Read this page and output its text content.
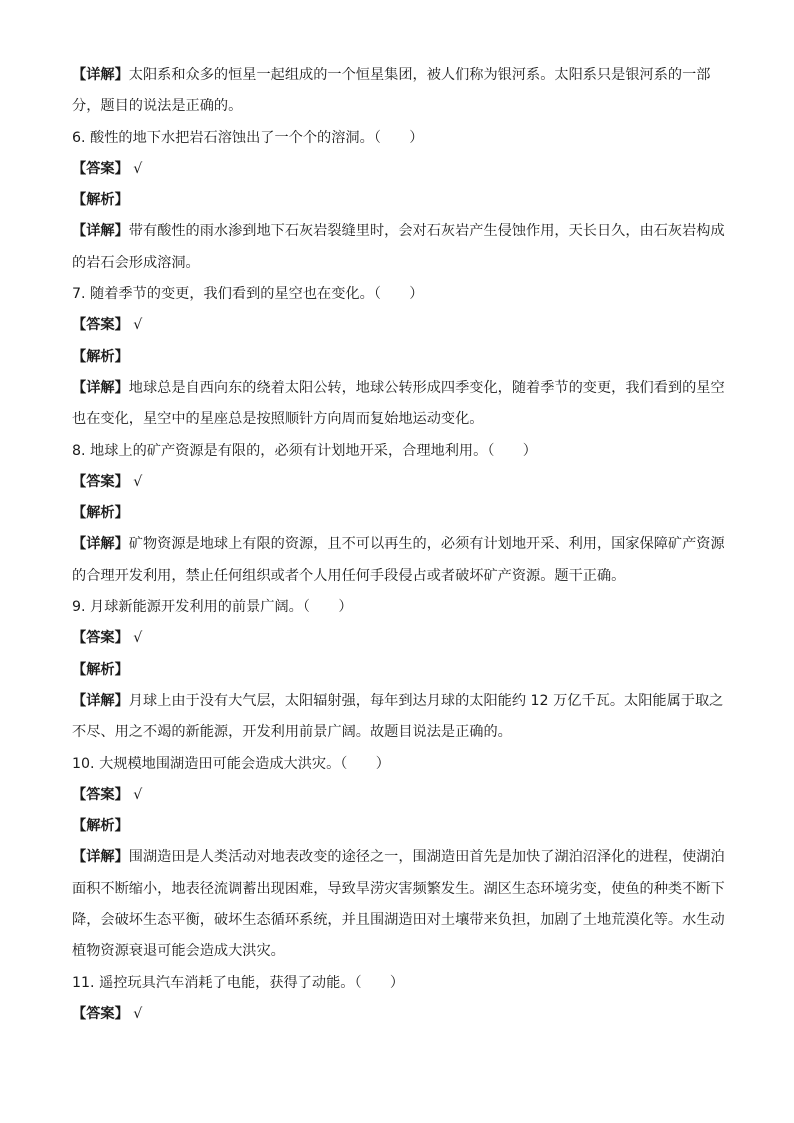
【详解】太阳系和众多的恒星一起组成的一个恒星集团，被人们称为银河系。太阳系只是银河系的一部
分，题目的说法是正确的。
6. 酸性的地下水把岩石溶蚀出了一个个的溶洞。（　　）
【答案】 √
【解析】
【详解】带有酸性的雨水渗到地下石灰岩裂缝里时，会对石灰岩产生侵蚀作用，天长日久，由石灰岩构成
的岩石会形成溶洞。
7. 随着季节的变更，我们看到的星空也在变化。（　　）
【答案】 √
【解析】
【详解】地球总是自西向东的绕着太阳公转，地球公转形成四季变化，随着季节的变更，我们看到的星空
也在变化，星空中的星座总是按照顺针方向周而复始地运动变化。
8. 地球上的矿产资源是有限的，必须有计划地开采，合理地利用。（　　）
【答案】 √
【解析】
【详解】矿物资源是地球上有限的资源，且不可以再生的，必须有计划地开采、利用，国家保障矿产资源
的合理开发利用，禁止任何组织或者个人用任何手段侵占或者破坏矿产资源。题干正确。
9. 月球新能源开发利用的前景广阔。（　　）
【答案】 √
【解析】
【详解】月球上由于没有大气层，太阳辐射强，每年到达月球的太阳能约 12 万亿千瓦。太阳能属于取之
不尽、用之不竭的新能源，开发利用前景广阔。故题目说法是正确的。
10. 大规模地围湖造田可能会造成大洪灾。（　　）
【答案】 √
【解析】
【详解】围湖造田是人类活动对地表改变的途径之一，围湖造田首先是加快了湖泊沼泽化的进程，使湖泊
面积不断缩小，地表径流调蓄出现困难，导致旱涝灾害频繁发生。湖区生态环境劣变，使鱼的种类不断下
降，会破坏生态平衡，破坏生态循环系统，并且围湖造田对土壤带来负担，加剧了土地荒漠化等。水生动
植物资源衰退可能会造成大洪灾。
11. 遥控玩具汽车消耗了电能，获得了动能。（　　）
【答案】 √
